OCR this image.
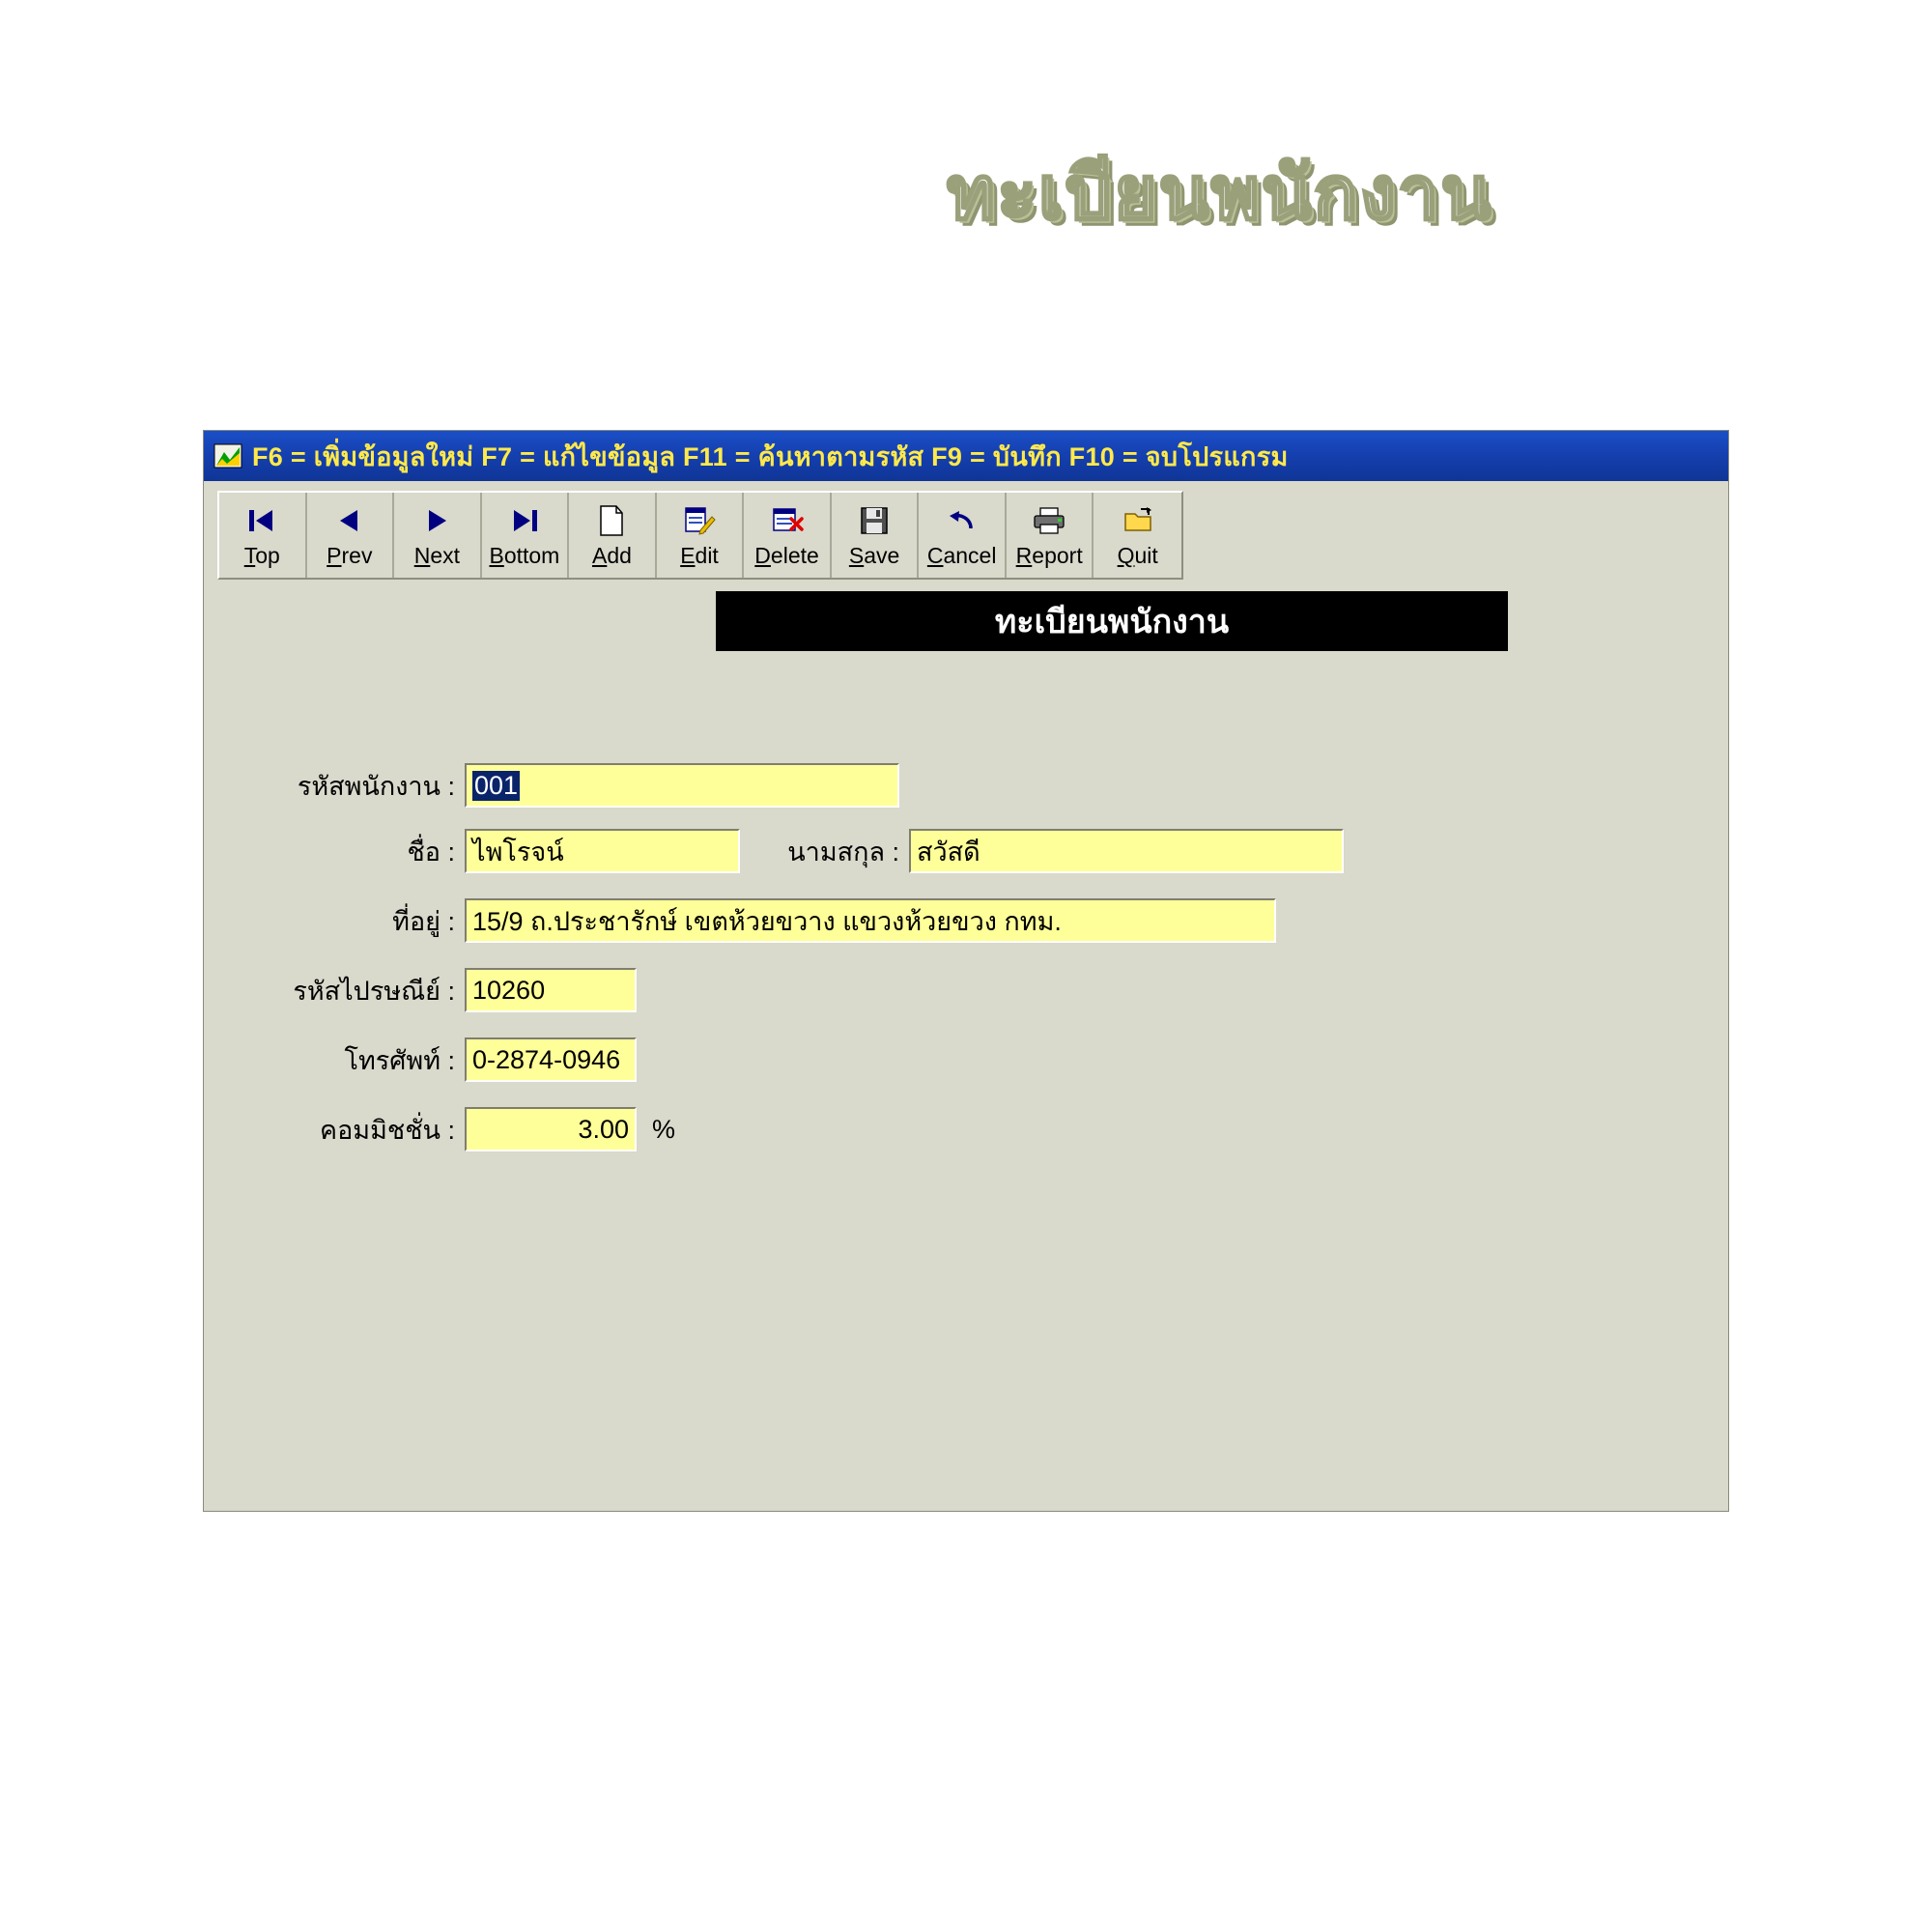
ทะเบียนพนักงาน
F6 = เพิ่มข้อมูลใหม่ F7 = แก้ไขข้อมูล F11 = ค้นหาตามรหัส F9 = บันทึก F10 = จบโปรแกรม
Top Prev Next Bottom Add Edit Delete Save Cancel Report Quit
ทะเบียนพนักงาน
รหัสพนักงาน : 001
ชื่อ : ไพโรจน์	นามสกุล : สวัสดี
ที่อยู่ : 15/9 ถ.ประชารักษ์ เขตห้วยขวาง แขวงห้วยขวง กทม.
รหัสไปรษณีย์ : 10260
โทรศัพท์ : 0-2874-0946
คอมมิชชั่น :	3.00 %
